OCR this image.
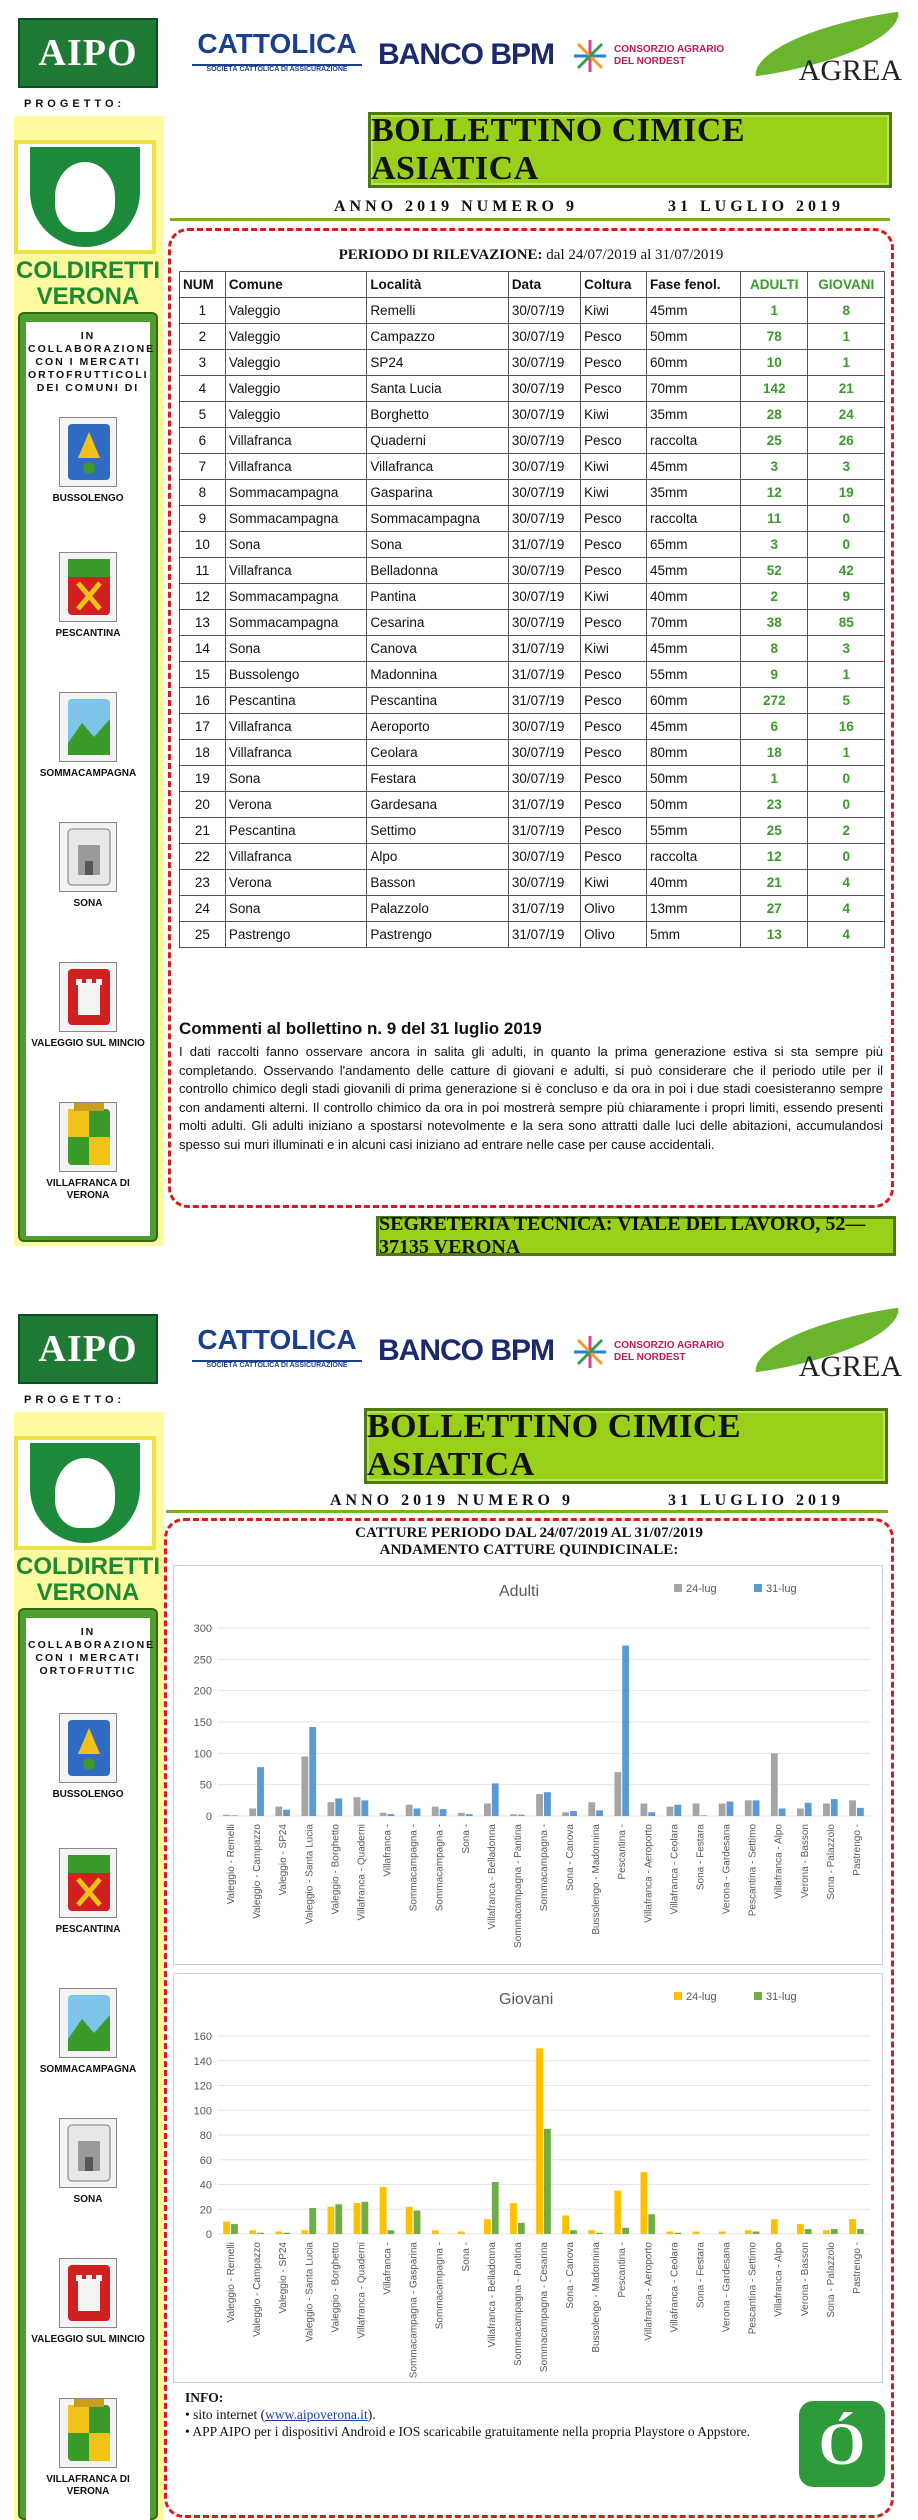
AIPO	CATTOLICA
SOCIETÀ CATTOLICA DI ASSICURAZIONE	BANCO BPM	CONSORZIO AGRARIO DEL NORDEST	AGREA
PROGETTO:
COLDIRETTI VERONA
IN COLLABORAZIONE CON I MERCATI ORTOFRUTTICOLI DEI COMUNI DI
BUSSOLENGO
PESCANTINA
SOMMACAMPAGNA
SONA
VALEGGIO SUL MINCIO
VILLAFRANCA DI VERONA
BOLLETTINO CIMICE ASIATICA
ANNO 2019 NUMERO 9	31 LUGLIO 2019
PERIODO DI RILEVAZIONE: dal 24/07/2019 al 31/07/2019
NUM	Comune	Località	Data	Coltura	Fase fenol.	ADULTI	GIOVANI
1	Valeggio	Remelli	30/07/19	Kiwi	45mm	1	8
2	Valeggio	Campazzo	30/07/19	Pesco	50mm	78	1
3	Valeggio	SP24	30/07/19	Pesco	60mm	10	1
4	Valeggio	Santa Lucia	30/07/19	Pesco	70mm	142	21
5	Valeggio	Borghetto	30/07/19	Kiwi	35mm	28	24
6	Villafranca	Quaderni	30/07/19	Pesco	raccolta	25	26
7	Villafranca	Villafranca	30/07/19	Kiwi	45mm	3	3
8	Sommacampagna	Gasparina	30/07/19	Kiwi	35mm	12	19
9	Sommacampagna	Sommacampagna	30/07/19	Pesco	raccolta	11	0
10	Sona	Sona	31/07/19	Pesco	65mm	3	0
11	Villafranca	Belladonna	30/07/19	Pesco	45mm	52	42
12	Sommacampagna	Pantina	30/07/19	Kiwi	40mm	2	9
13	Sommacampagna	Cesarina	30/07/19	Pesco	70mm	38	85
14	Sona	Canova	31/07/19	Kiwi	45mm	8	3
15	Bussolengo	Madonnina	31/07/19	Pesco	55mm	9	1
16	Pescantina	Pescantina	31/07/19	Pesco	60mm	272	5
17	Villafranca	Aeroporto	30/07/19	Pesco	45mm	6	16
18	Villafranca	Ceolara	30/07/19	Pesco	80mm	18	1
19	Sona	Festara	30/07/19	Pesco	50mm	1	0
20	Verona	Gardesana	31/07/19	Pesco	50mm	23	0
21	Pescantina	Settimo	31/07/19	Pesco	55mm	25	2
22	Villafranca	Alpo	30/07/19	Pesco	raccolta	12	0
23	Verona	Basson	30/07/19	Kiwi	40mm	21	4
24	Sona	Palazzolo	31/07/19	Olivo	13mm	27	4
25	Pastrengo	Pastrengo	31/07/19	Olivo	5mm	13	4
Commenti al bollettino n. 9 del 31 luglio 2019
I dati raccolti fanno osservare ancora in salita gli adulti, in quanto la prima generazione estiva si sta sempre più completando. Osservando l'andamento delle catture di giovani e adulti, si può considerare che il periodo utile per il controllo chimico degli stadi giovanili di prima generazione si è concluso e da ora in poi i due stadi coesisteranno sempre con andamenti alterni. Il controllo chimico da ora in poi mostrerà sempre più chiaramente i propri limiti, essendo presenti molti adulti. Gli adulti iniziano a spostarsi notevolmente e la sera sono attratti dalle luci delle abitazioni, accumulandosi spesso sui muri illuminati e in alcuni casi iniziano ad entrare nelle case per cause accidentali.
SEGRETERIA TECNICA: VIALE DEL LAVORO, 52—37135 VERONA
AIPO	CATTOLICA
SOCIETÀ CATTOLICA DI ASSICURAZIONE	BANCO BPM	CONSORZIO AGRARIO DEL NORDEST	AGREA
PROGETTO:
COLDIRETTI VERONA
IN COLLABORAZIONE CON I MERCATI ORTOFRUTTIC
BUSSOLENGO
PESCANTINA
SOMMACAMPAGNA
SONA
VALEGGIO SUL MINCIO
VILLAFRANCA DI VERONA
BOLLETTINO CIMICE ASIATICA
ANNO 2019 NUMERO 9	31 LUGLIO 2019
CATTURE PERIODO DAL 24/07/2019 AL 31/07/2019
ANDAMENTO CATTURE QUINDICINALE:
Adulti	24-lug	31-lug
0
50
100
150
200
250
300
Valeggio - Remelli Valeggio - Campazzo Valeggio - SP24 Valeggio - Santa Lucia Valeggio - Borghetto Villafranca - Quaderni Villafranca - Sommacampagna - Sommacampagna - Sona - Villafranca - Belladonna Sommacampagna - Pantina Sommacampagna - Sona - Canova Bussolengo - Madonnina Pescantina - Villafranca - Aeroporto Villafranca - Ceolara Sona - Festara Verona - Gardesana Pescantina - Settimo Villafranca - Alpo Verona - Basson Sona - Palazzolo Pastrengo -
Giovani	24-lug	31-lug
0
20
40
60
80
100
120
140
160
Valeggio - Remelli Valeggio - Campazzo Valeggio - SP24 Valeggio - Santa Lucia Valeggio - Borghetto Villafranca - Quaderni Villafranca - Sommacampagna - Gasparina Sommacampagna - Sona - Villafranca - Belladonna Sommacampagna - Pantina Sommacampagna - Cesarina Sona - Canova Bussolengo - Madonnina Pescantina - Villafranca - Aeroporto Villafranca - Ceolara Sona - Festara Verona - Gardesana Pescantina - Settimo Villafranca - Alpo Verona - Basson Sona - Palazzolo Pastrengo -
INFO:
• sito internet (www.aipoverona.it).
• APP AIPO per i dispositivi Android e IOS scaricabile gratuitamente nella propria Playstore o Appstore.	Ó
